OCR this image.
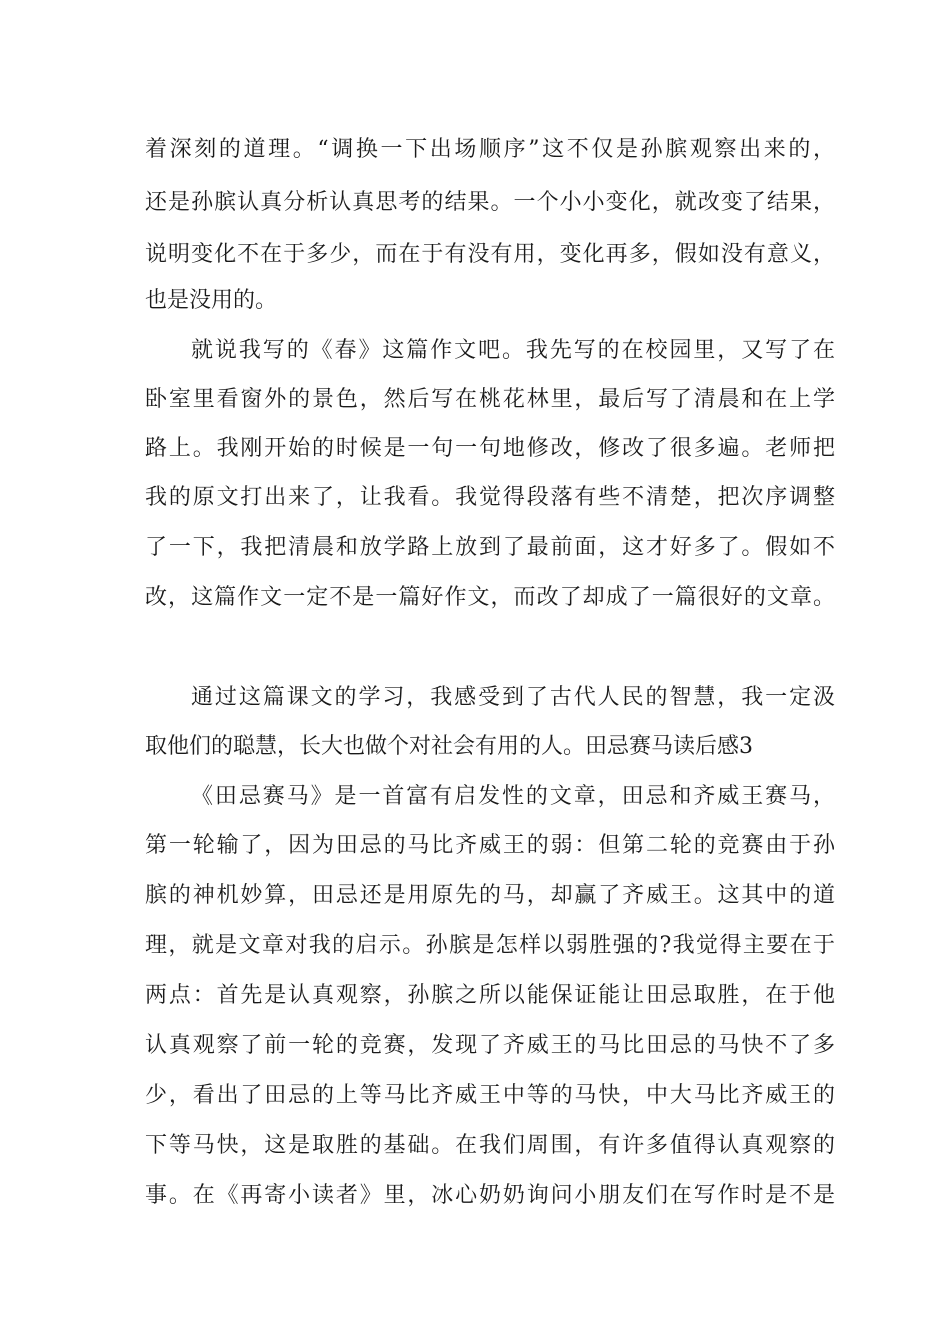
着深刻的道理。“调换一下出场顺序”这不仅是孙膑观察出来的，
还是孙膑认真分析认真思考的结果。一个小小变化，就改变了结果，
说明变化不在于多少，而在于有没有用，变化再多，假如没有意义，
也是没用的。
就说我写的《春》这篇作文吧。我先写的在校园里，又写了在
卧室里看窗外的景色，然后写在桃花林里，最后写了清晨和在上学
路上。我刚开始的时候是一句一句地修改，修改了很多遍。老师把
我的原文打出来了，让我看。我觉得段落有些不清楚，把次序调整
了一下，我把清晨和放学路上放到了最前面，这才好多了。假如不
改，这篇作文一定不是一篇好作文，而改了却成了一篇很好的文章。
通过这篇课文的学习，我感受到了古代人民的智慧，我一定汲
取他们的聪慧，长大也做个对社会有用的人。田忌赛马读后感3
《田忌赛马》是一首富有启发性的文章，田忌和齐威王赛马，
第一轮输了，因为田忌的马比齐威王的弱：但第二轮的竞赛由于孙
膑的神机妙算，田忌还是用原先的马，却赢了齐威王。这其中的道
理，就是文章对我的启示。孙膑是怎样以弱胜强的?我觉得主要在于
两点：首先是认真观察，孙膑之所以能保证能让田忌取胜，在于他
认真观察了前一轮的竞赛，发现了齐威王的马比田忌的马快不了多
少，看出了田忌的上等马比齐威王中等的马快，中大马比齐威王的
下等马快，这是取胜的基础。在我们周围，有许多值得认真观察的
事。在《再寄小读者》里，冰心奶奶询问小朋友们在写作时是不是
